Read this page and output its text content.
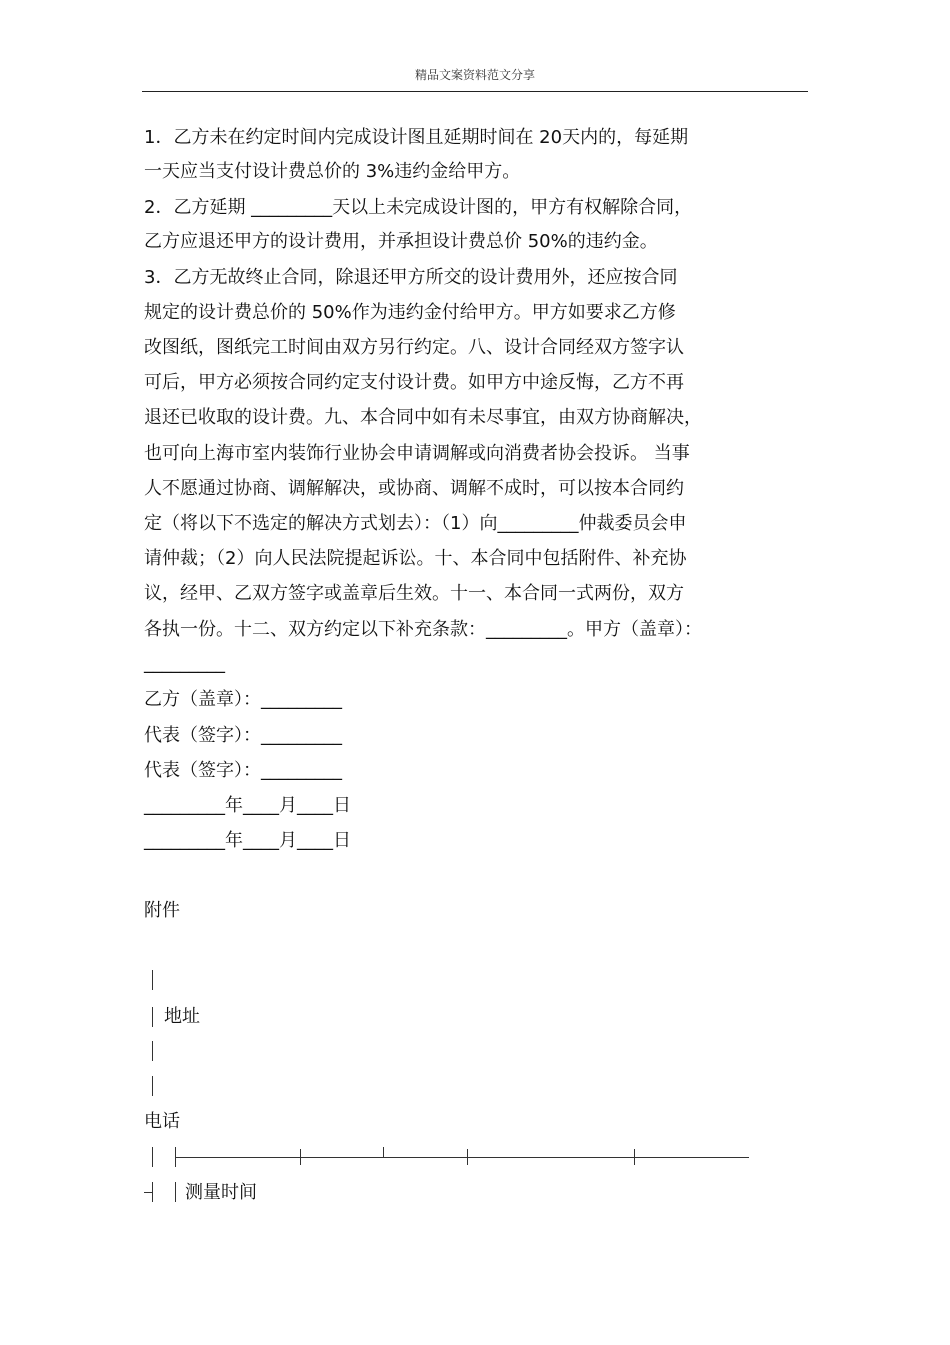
精品文案资料范文分享
1．乙方未在约定时间内完成设计图且延期时间在 20天内的，每延期
一天应当支付设计费总价的 3%违约金给甲方。
2．乙方延期 _________天以上未完成设计图的，甲方有权解除合同，
乙方应退还甲方的设计费用，并承担设计费总价 50%的违约金。
3．乙方无故终止合同，除退还甲方所交的设计费用外，还应按合同
规定的设计费总价的 50%作为违约金付给甲方。甲方如要求乙方修
改图纸，图纸完工时间由双方另行约定。八、设计合同经双方签字认
可后，甲方必须按合同约定支付设计费。如甲方中途反悔，乙方不再
退还已收取的设计费。九、本合同中如有未尽事宜，由双方协商解决，
也可向上海市室内装饰行业协会申请调解或向消费者协会投诉。 当事
人不愿通过协商、调解解决，或协商、调解不成时，可以按本合同约
定（将以下不选定的解决方式划去）：（1）向_________仲裁委员会申
请仲裁；（2）向人民法院提起诉讼。十、本合同中包括附件、补充协
议，经甲、乙双方签字或盖章后生效。十一、本合同一式两份，双方
各执一份。十二、双方约定以下补充条款：_________。甲方（盖章）：
_________
乙方（盖章）：_________
代表（签字）：_________
代表（签字）：_________
_________年____月____日
_________年____月____日
附件
地址
电话
测量时间
